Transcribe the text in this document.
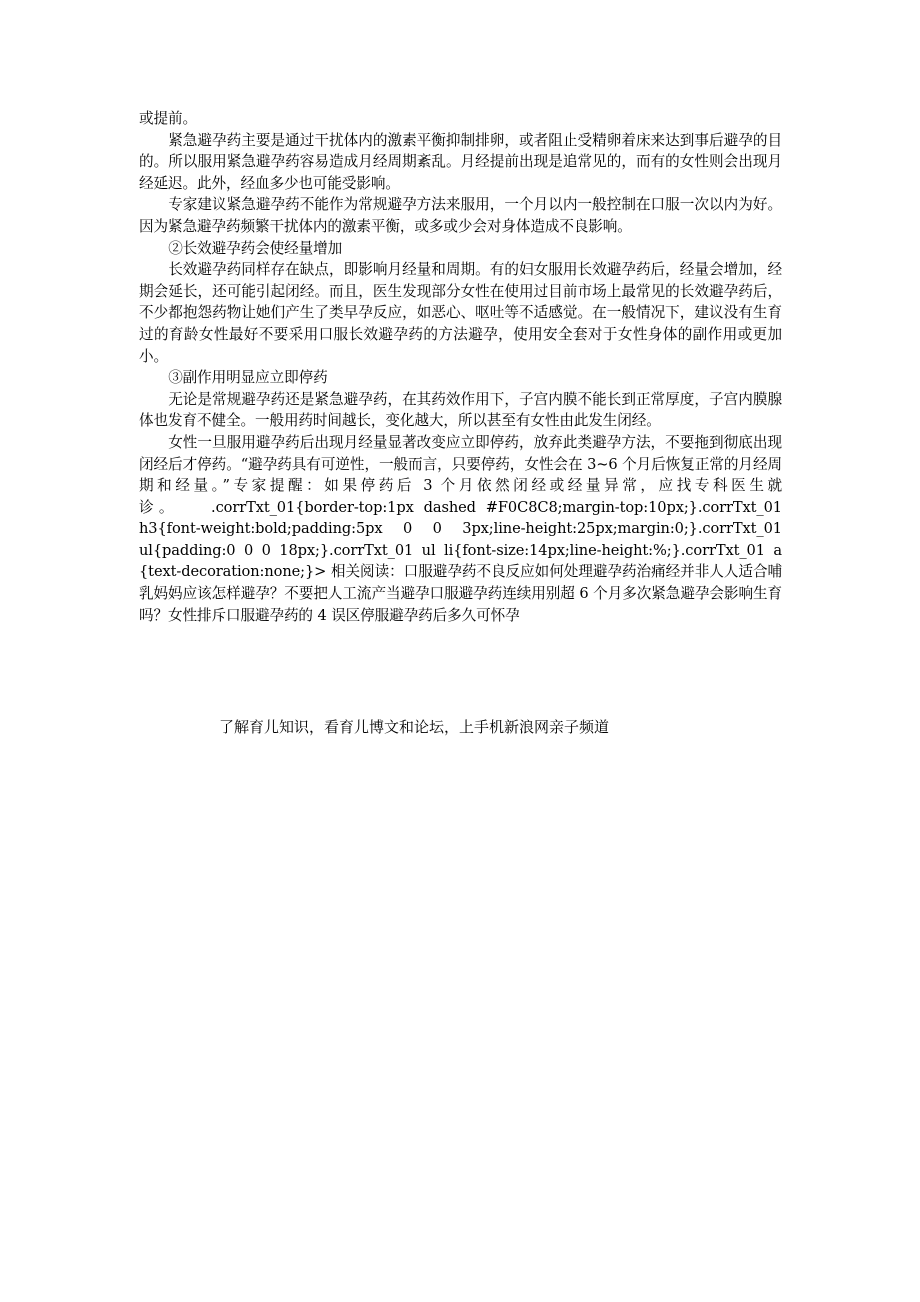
或提前。

紧急避孕药主要是通过干扰体内的激素平衡抑制排卵，或者阻止受精卵着床来达到事后避孕的目的。所以服用紧急避孕药容易造成月经周期紊乱。月经提前出现是追常见的，而有的女性则会出现月经延迟。此外，经血多少也可能受影响。

专家建议紧急避孕药不能作为常规避孕方法来服用，一个月以内一般控制在口服一次以内为好。因为紧急避孕药频繁干扰体内的激素平衡，或多或少会对身体造成不良影响。

②长效避孕药会使经量增加

长效避孕药同样存在缺点，即影响月经量和周期。有的妇女服用长效避孕药后，经量会增加，经期会延长，还可能引起闭经。而且，医生发现部分女性在使用过目前市场上最常见的长效避孕药后，不少都抱怨药物让她们产生了类早孕反应，如恶心、呕吐等不适感觉。在一般情况下，建议没有生育过的育龄女性最好不要采用口服长效避孕药的方法避孕，使用安全套对于女性身体的副作用或更加小。

③副作用明显应立即停药

无论是常规避孕药还是紧急避孕药，在其药效作用下，子宫内膜不能长到正常厚度，子宫内膜腺体也发育不健全。一般用药时间越长，变化越大，所以甚至有女性由此发生闭经。

女性一旦服用避孕药后出现月经量显著改变应立即停药，放弃此类避孕方法，不要拖到彻底出现闭经后才停药。“避孕药具有可逆性，一般而言，只要停药，女性会在 3~6 个月后恢复正常的月经周期和经量。”专家提醒：如果停药后 3 个月依然闭经或经量异常，应找专科医生就诊。　　.corrTxt_01{border-top:1px dashed #F0C8C8;margin-top:10px;}.corrTxt_01 h3{font-weight:bold;padding:5px 0 0 3px;line-height:25px;margin:0;}.corrTxt_01 ul{padding:0 0 0 18px;}.corrTxt_01 ul li{font-size:14px;line-height:%;}.corrTxt_01 a {text-decoration:none;}> 相关阅读：口服避孕药不良反应如何处理避孕药治痛经并非人人适合哺乳妈妈应该怎样避孕？不要把人工流产当避孕口服避孕药连续用别超 6 个月多次紧急避孕会影响生育吗？女性排斥口服避孕药的 4 误区停服避孕药后多久可怀孕

了解育儿知识，看育儿博文和论坛，上手机新浪网亲子频道
